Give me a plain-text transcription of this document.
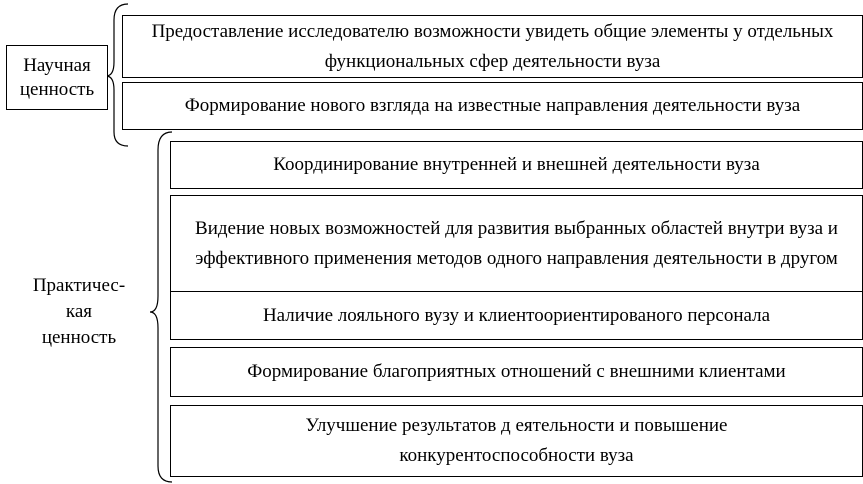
Научная ценность
Практичес-
кая
ценность
Предоставление исследователю возможности увидеть общие элементы у отдельных функциональных сфер деятельности вуза
Формирование нового взгляда на известные направления деятельности вуза
Координирование внутренней и внешней деятельности вуза
Видение новых возможностей для развития выбранных областей внутри вуза и эффективного применения методов одного направления деятельности в другом
Наличие лояльного вузу и клиентоориентированого персонала
Формирование благоприятных отношений с внешними клиентами
Улучшение результатов д еятельности и повышение конкурентоспособности вуза
